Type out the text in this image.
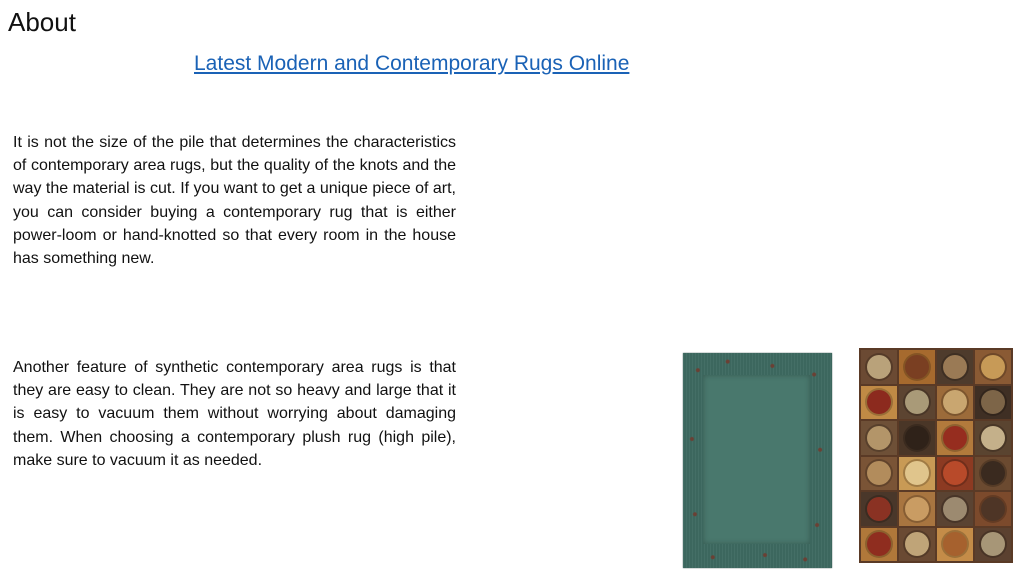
About
Latest Modern and Contemporary Rugs Online

It is not the size of the pile that determines the characteristics of contemporary area rugs, but the quality of the knots and the way the material is cut. If you want to get a unique piece of art, you can consider buying a contemporary rug that is either power-loom or hand-knotted so that every room in the house has something new.

Another feature of synthetic contemporary area rugs is that they are easy to clean. They are not so heavy and large that it is easy to vacuum them without worrying about damaging them. When choosing a contemporary plush rug (high pile), make sure to vacuum it as needed.
